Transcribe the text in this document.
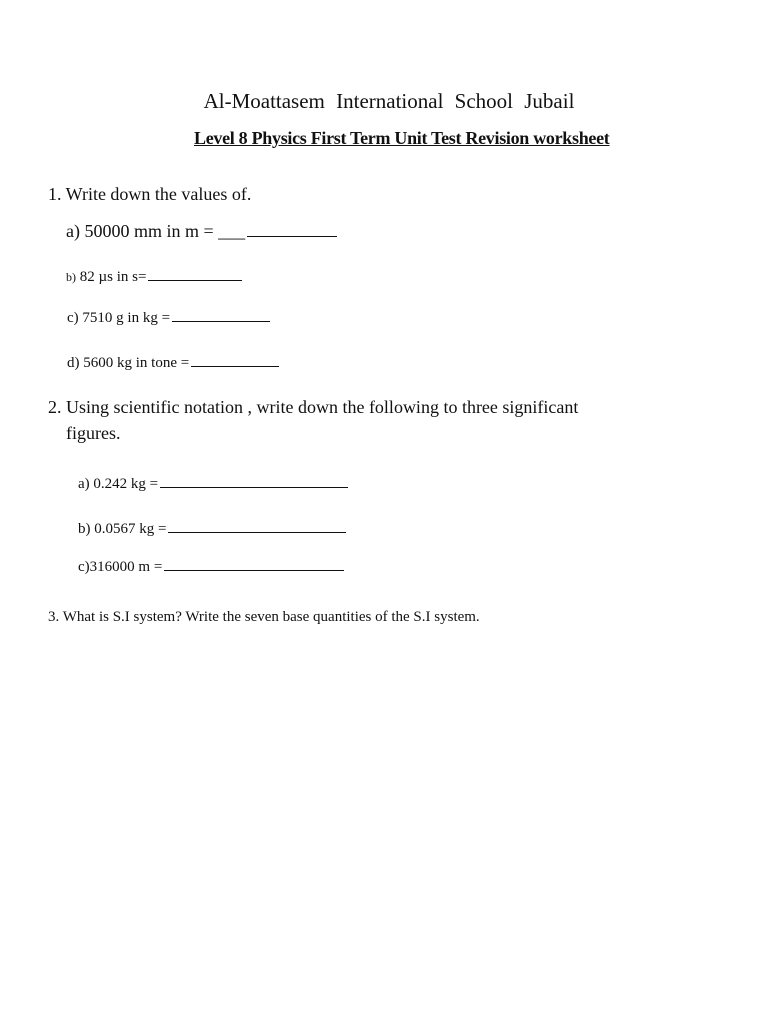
Al-Moattasem International School Jubail
Level 8 Physics First Term Unit Test Revision worksheet
1. Write down the values of.
a) 50000 mm in m = ___
b) 82 µs in s=
c) 7510 g in kg =
d) 5600 kg in tone =
2. Using scientific notation , write down the following to three significant
figures.
a) 0.242 kg =
b) 0.0567 kg =
c)316000 m =
3. What is S.I system? Write the seven base quantities of the S.I system.
